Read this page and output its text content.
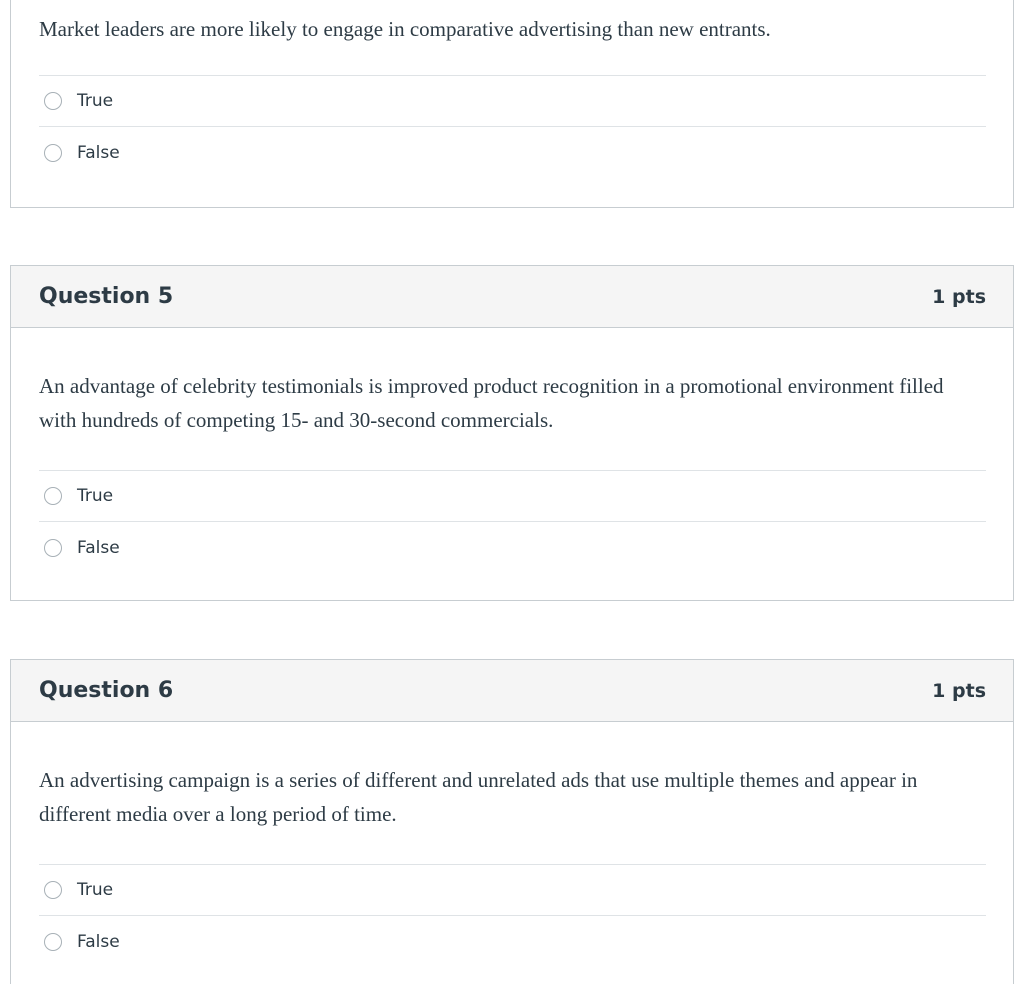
Market leaders are more likely to engage in comparative advertising than new entrants.
True
False
Question 5	1 pts
An advantage of celebrity testimonials is improved product recognition in a promotional environment filled with hundreds of competing 15- and 30-second commercials.
True
False
Question 6	1 pts
An advertising campaign is a series of different and unrelated ads that use multiple themes and appear in different media over a long period of time.
True
False
